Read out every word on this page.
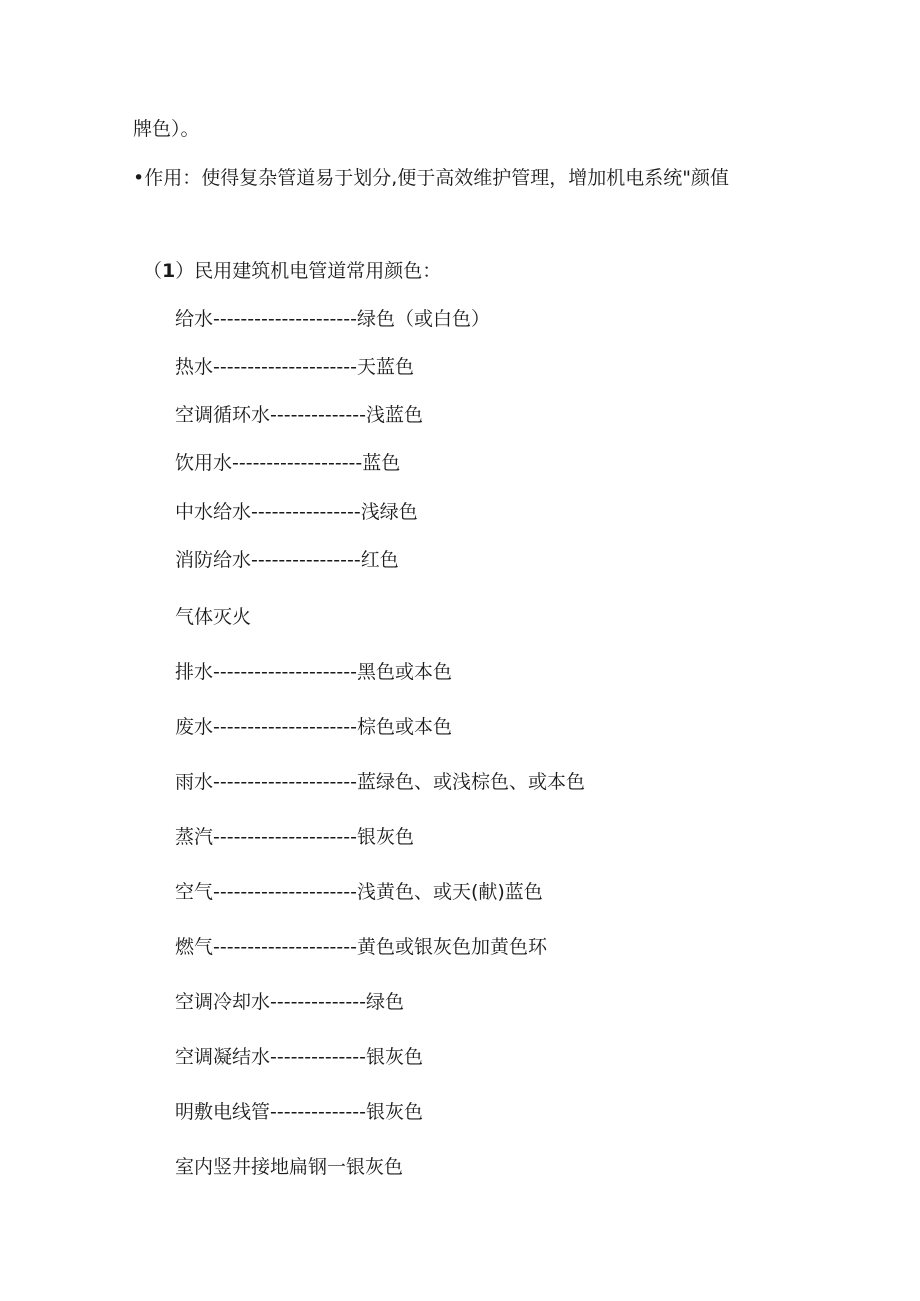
牌色）。
•作用：使得复杂管道易于划分,便于高效维护管理，增加机电系统"颜值
（1）民用建筑机电管道常用颜色：
给水---------------------绿色（或白色）
热水---------------------天蓝色
空调循环水--------------浅蓝色
饮用水-------------------蓝色
中水给水----------------浅绿色
消防给水----------------红色
气体灭火
排水---------------------黑色或本色
废水---------------------棕色或本色
雨水---------------------蓝绿色、或浅棕色、或本色
蒸汽---------------------银灰色
空气---------------------浅黄色、或天(献)蓝色
燃气---------------------黄色或银灰色加黄色环
空调冷却水--------------绿色
空调凝结水--------------银灰色
明敷电线管--------------银灰色
室内竖井接地扁钢一银灰色
